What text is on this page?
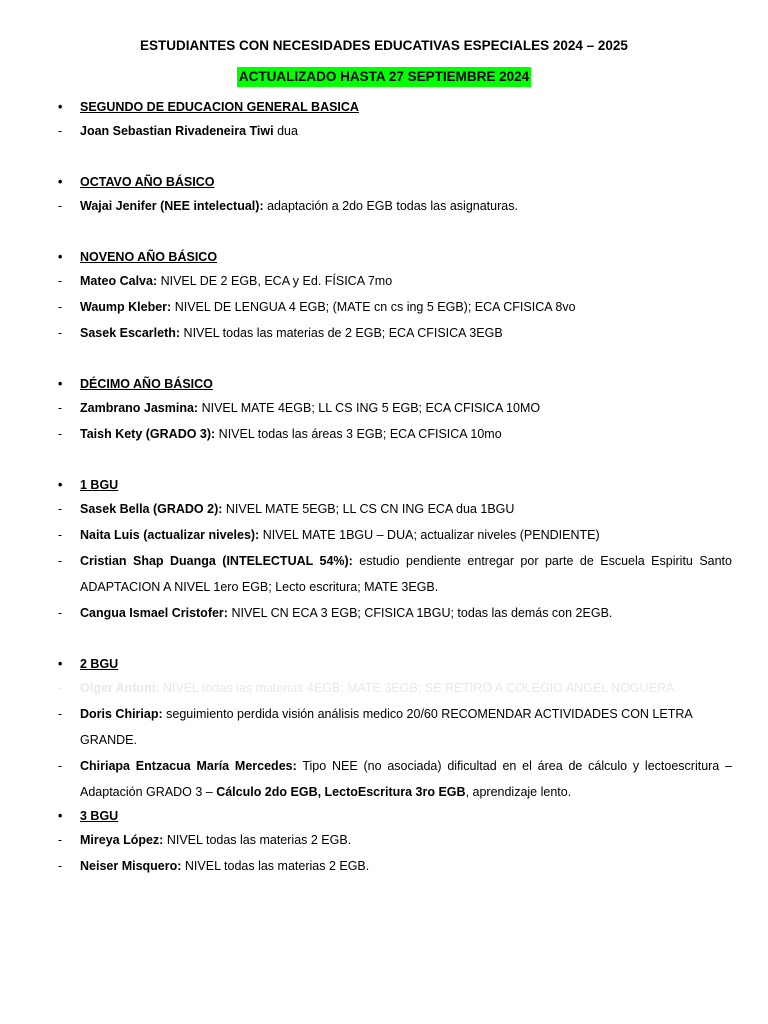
ESTUDIANTES CON NECESIDADES EDUCATIVAS ESPECIALES 2024 – 2025
ACTUALIZADO HASTA 27 SEPTIEMBRE 2024
•	SEGUNDO DE EDUCACION GENERAL BASICA
- Joan Sebastian Rivadeneira Tiwi dua
•	OCTAVO AÑO BÁSICO
- Wajai Jenifer (NEE intelectual): adaptación a 2do EGB todas las asignaturas.
•	NOVENO AÑO BÁSICO
- Mateo Calva: NIVEL DE 2 EGB, ECA y Ed. FÍSICA 7mo
- Waump Kleber: NIVEL DE LENGUA 4 EGB; (MATE cn cs ing 5 EGB); ECA CFISICA 8vo
- Sasek Escarleth: NIVEL todas las materias de 2 EGB; ECA CFISICA 3EGB
•	DÉCIMO AÑO BÁSICO
- Zambrano Jasmina: NIVEL MATE 4EGB; LL CS ING 5 EGB; ECA CFISICA 10MO
- Taish Kety (GRADO 3): NIVEL todas las áreas 3 EGB; ECA CFISICA 10mo
•	1 BGU
- Sasek Bella (GRADO 2): NIVEL MATE 5EGB; LL CS CN ING ECA dua 1BGU
- Naita Luis (actualizar niveles): NIVEL MATE 1BGU – DUA; actualizar niveles (PENDIENTE)
- Cristian Shap Duanga (INTELECTUAL 54%): estudio pendiente entregar por parte de Escuela Espiritu Santo ADAPTACION A NIVEL 1ero EGB; Lecto escritura; MATE 3EGB.
- Cangua Ismael Cristofer: NIVEL CN ECA 3 EGB; CFISICA 1BGU; todas las demás con 2EGB.
•	2 BGU
- Olger Antuni: NIVEL todas las materias 4EGB; MATE 3EGB; SE RETIRO A COLEGIO ANGEL NOGUERA.
- Doris Chiriap: seguimiento perdida visión análisis medico 20/60 RECOMENDAR ACTIVIDADES CON LETRA GRANDE.
- Chiriapa Entzacua María Mercedes: Tipo NEE (no asociada) dificultad en el área de cálculo y lectoescritura – Adaptación GRADO 3 – Cálculo 2do EGB, LectoEscritura 3ro EGB, aprendizaje lento.
•	3 BGU
- Mireya López: NIVEL todas las materias 2 EGB.
- Neiser Misquero: NIVEL todas las materias 2 EGB.
